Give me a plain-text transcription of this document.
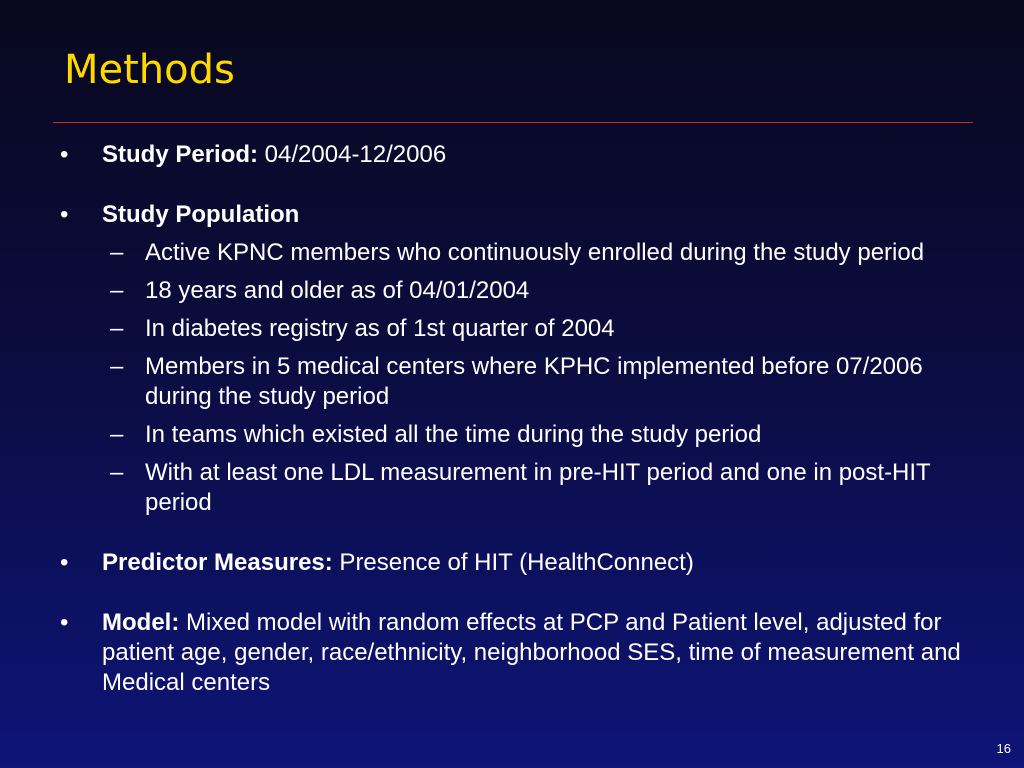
Methods
•	Study Period: 04/2004-12/2006
•	Study Population
– Active KPNC members who continuously enrolled during the study period
– 18 years and older as of 04/01/2004
– In diabetes registry as of 1st quarter of 2004
– Members in 5 medical centers where KPHC implemented before 07/2006 during the study period
– In teams which existed all the time during the study period
– With at least one LDL measurement in pre-HIT period and one in post-HIT period
•	Predictor Measures: Presence of HIT (HealthConnect)
•	Model: Mixed model with random effects at PCP and Patient level, adjusted for patient age, gender, race/ethnicity, neighborhood SES, time of measurement and Medical centers
16
